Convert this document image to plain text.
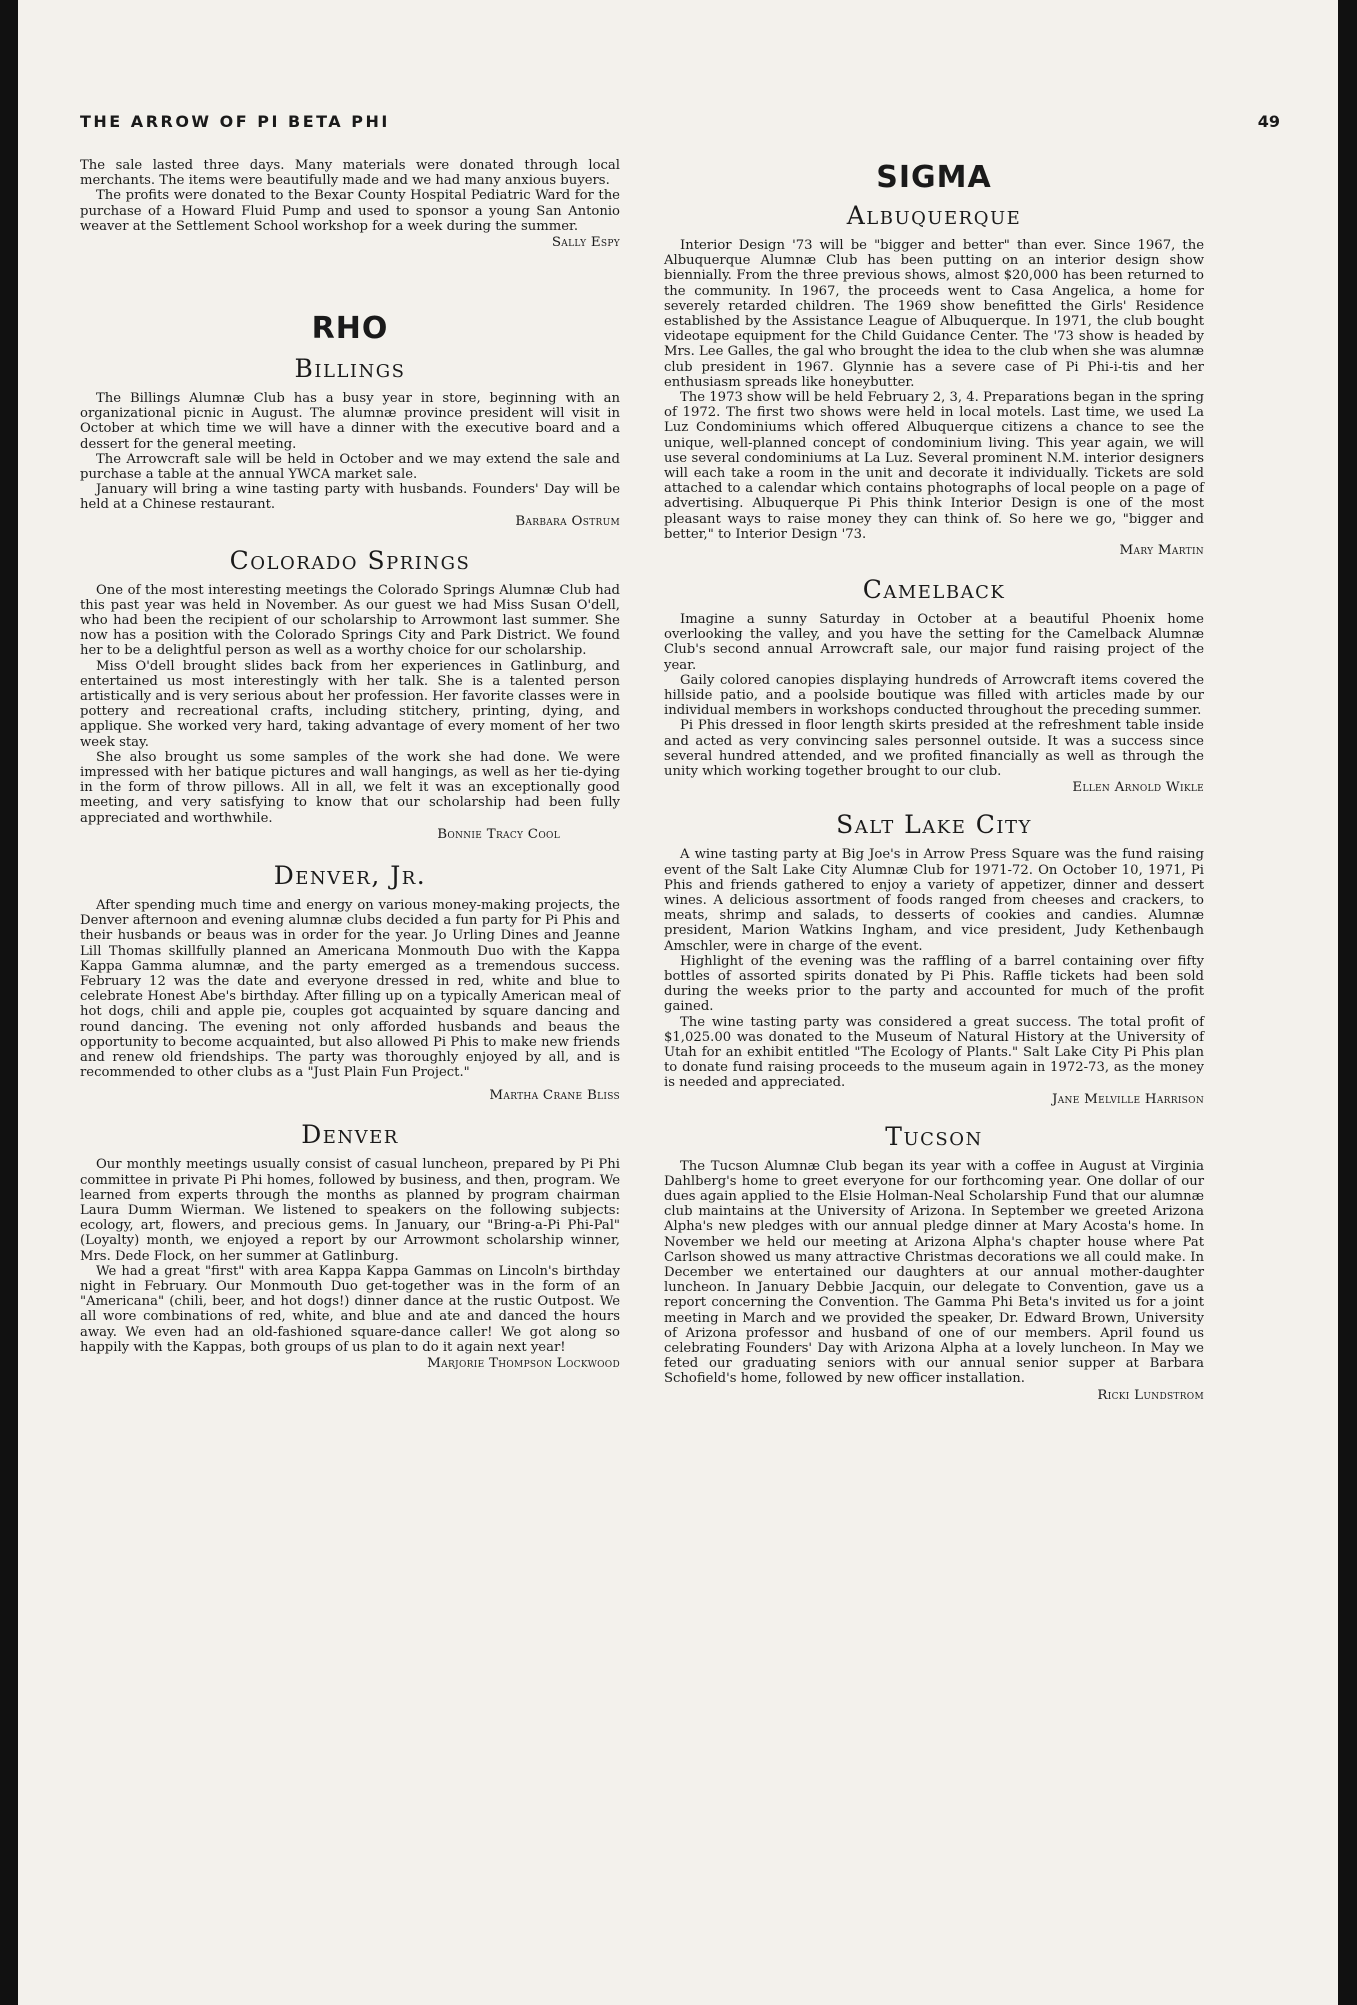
THE ARROW OF PI BETA PHI	49

The sale lasted three days. Many materials were donated through local merchants. The items were beautifully made and we had many anxious buyers.

The profits were donated to the Bexar County Hospital Pediatric Ward for the purchase of a Howard Fluid Pump and used to sponsor a young San Antonio weaver at the Settlement School workshop for a week during the summer.

Sally Espy
RHO
Billings

The Billings Alumnæ Club has a busy year in store, beginning with an organizational picnic in August. The alumnæ province president will visit in October at which time we will have a dinner with the executive board and a dessert for the general meeting.

The Arrowcraft sale will be held in October and we may extend the sale and purchase a table at the annual YWCA market sale.

January will bring a wine tasting party with husbands. Founders' Day will be held at a Chinese restaurant.

Barbara Ostrum
Colorado Springs

One of the most interesting meetings the Colorado Springs Alumnæ Club had this past year was held in November. As our guest we had Miss Susan O'dell, who had been the recipient of our scholarship to Arrowmont last summer. She now has a position with the Colorado Springs City and Park District. We found her to be a delightful person as well as a worthy choice for our scholarship.

Miss O'dell brought slides back from her experiences in Gatlinburg, and entertained us most interestingly with her talk. She is a talented person artistically and is very serious about her profession. Her favorite classes were in pottery and recreational crafts, including stitchery, printing, dying, and applique. She worked very hard, taking advantage of every moment of her two week stay.

She also brought us some samples of the work she had done. We were impressed with her batique pictures and wall hangings, as well as her tie-dying in the form of throw pillows. All in all, we felt it was an exceptionally good meeting, and very satisfying to know that our scholarship had been fully appreciated and worthwhile.

Bonnie Tracy Cool
Denver, Jr.

After spending much time and energy on various money-making projects, the Denver afternoon and evening alumnæ clubs decided a fun party for Pi Phis and their husbands or beaus was in order for the year. Jo Urling Dines and Jeanne Lill Thomas skillfully planned an Americana Monmouth Duo with the Kappa Kappa Gamma alumnæ, and the party emerged as a tremendous success. February 12 was the date and everyone dressed in red, white and blue to celebrate Honest Abe's birthday. After filling up on a typically American meal of hot dogs, chili and apple pie, couples got acquainted by square dancing and round dancing. The evening not only afforded husbands and beaus the opportunity to become acquainted, but also allowed Pi Phis to make new friends and renew old friendships. The party was thoroughly enjoyed by all, and is recommended to other clubs as a "Just Plain Fun Project."

Martha Crane Bliss
Denver

Our monthly meetings usually consist of casual luncheon, prepared by Pi Phi committee in private Pi Phi homes, followed by business, and then, program. We learned from experts through the months as planned by program chairman Laura Dumm Wierman. We listened to speakers on the following subjects: ecology, art, flowers, and precious gems. In January, our "Bring-a-Pi Phi-Pal" (Loyalty) month, we enjoyed a report by our Arrowmont scholarship winner, Mrs. Dede Flock, on her summer at Gatlinburg.

We had a great "first" with area Kappa Kappa Gammas on Lincoln's birthday night in February. Our Monmouth Duo get-together was in the form of an "Americana" (chili, beer, and hot dogs!) dinner dance at the rustic Outpost. We all wore combinations of red, white, and blue and ate and danced the hours away. We even had an old-fashioned square-dance caller! We got along so happily with the Kappas, both groups of us plan to do it again next year!

Marjorie Thompson Lockwood
SIGMA
Albuquerque

Interior Design '73 will be "bigger and better" than ever. Since 1967, the Albuquerque Alumnæ Club has been putting on an interior design show biennially. From the three previous shows, almost $20,000 has been returned to the community. In 1967, the proceeds went to Casa Angelica, a home for severely retarded children. The 1969 show benefitted the Girls' Residence established by the Assistance League of Albuquerque. In 1971, the club bought videotape equipment for the Child Guidance Center. The '73 show is headed by Mrs. Lee Galles, the gal who brought the idea to the club when she was alumnæ club president in 1967. Glynnie has a severe case of Pi Phi-i-tis and her enthusiasm spreads like honeybutter.

The 1973 show will be held February 2, 3, 4. Preparations began in the spring of 1972. The first two shows were held in local motels. Last time, we used La Luz Condominiums which offered Albuquerque citizens a chance to see the unique, well-planned concept of condominium living. This year again, we will use several condominiums at La Luz. Several prominent N.M. interior designers will each take a room in the unit and decorate it individually. Tickets are sold attached to a calendar which contains photographs of local people on a page of advertising. Albuquerque Pi Phis think Interior Design is one of the most pleasant ways to raise money they can think of. So here we go, "bigger and better," to Interior Design '73.

Mary Martin
Camelback

Imagine a sunny Saturday in October at a beautiful Phoenix home overlooking the valley, and you have the setting for the Camelback Alumnæ Club's second annual Arrowcraft sale, our major fund raising project of the year.

Gaily colored canopies displaying hundreds of Arrowcraft items covered the hillside patio, and a poolside boutique was filled with articles made by our individual members in workshops conducted throughout the preceding summer.

Pi Phis dressed in floor length skirts presided at the refreshment table inside and acted as very convincing sales personnel outside. It was a success since several hundred attended, and we profited financially as well as through the unity which working together brought to our club.

Ellen Arnold Wikle
Salt Lake City

A wine tasting party at Big Joe's in Arrow Press Square was the fund raising event of the Salt Lake City Alumnæ Club for 1971-72. On October 10, 1971, Pi Phis and friends gathered to enjoy a variety of appetizer, dinner and dessert wines. A delicious assortment of foods ranged from cheeses and crackers, to meats, shrimp and salads, to desserts of cookies and candies. Alumnæ president, Marion Watkins Ingham, and vice president, Judy Kethenbaugh Amschler, were in charge of the event.

Highlight of the evening was the raffling of a barrel containing over fifty bottles of assorted spirits donated by Pi Phis. Raffle tickets had been sold during the weeks prior to the party and accounted for much of the profit gained.

The wine tasting party was considered a great success. The total profit of $1,025.00 was donated to the Museum of Natural History at the University of Utah for an exhibit entitled "The Ecology of Plants." Salt Lake City Pi Phis plan to donate fund raising proceeds to the museum again in 1972-73, as the money is needed and appreciated.

Jane Melville Harrison
Tucson

The Tucson Alumnæ Club began its year with a coffee in August at Virginia Dahlberg's home to greet everyone for our forthcoming year. One dollar of our dues again applied to the Elsie Holman-Neal Scholarship Fund that our alumnæ club maintains at the University of Arizona. In September we greeted Arizona Alpha's new pledges with our annual pledge dinner at Mary Acosta's home. In November we held our meeting at Arizona Alpha's chapter house where Pat Carlson showed us many attractive Christmas decorations we all could make. In December we entertained our daughters at our annual mother-daughter luncheon. In January Debbie Jacquin, our delegate to Convention, gave us a report concerning the Convention. The Gamma Phi Beta's invited us for a joint meeting in March and we provided the speaker, Dr. Edward Brown, University of Arizona professor and husband of one of our members. April found us celebrating Founders' Day with Arizona Alpha at a lovely luncheon. In May we feted our graduating seniors with our annual senior supper at Barbara Schofield's home, followed by new officer installation.

Ricki Lundstrom
